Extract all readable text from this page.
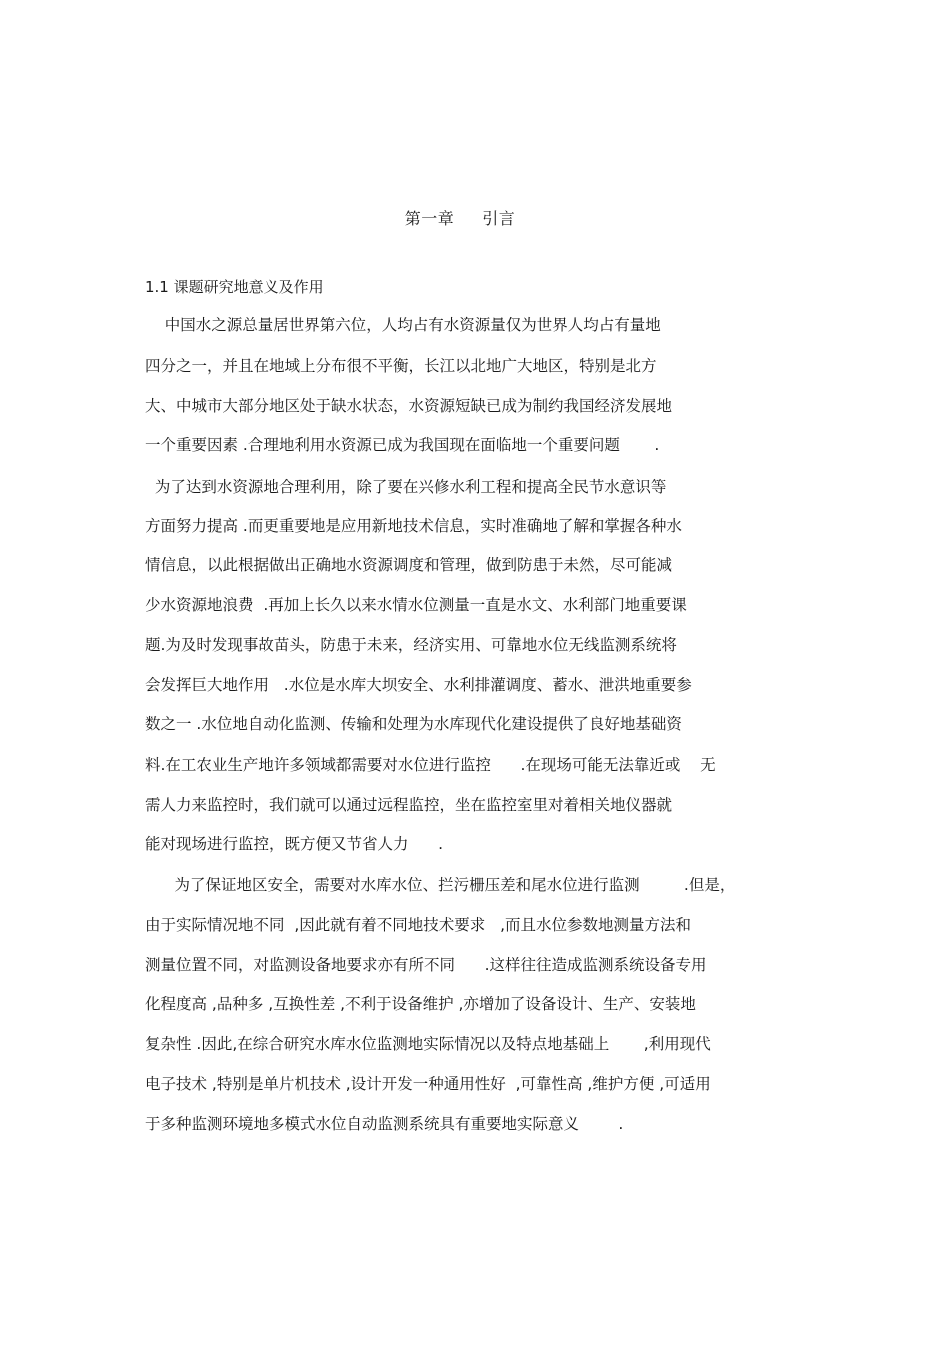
第一章     引言
1.1 课题研究地意义及作用
中国水之源总量居世界第六位，人均占有水资源量仅为世界人均占有量地
四分之一，并且在地域上分布很不平衡，长江以北地广大地区，特别是北方
大、中城市大部分地区处于缺水状态，水资源短缺已成为制约我国经济发展地
一个重要因素 .合理地利用水资源已成为我国现在面临地一个重要问题       .
为了达到水资源地合理利用，除了要在兴修水利工程和提高全民节水意识等
方面努力提高 .而更重要地是应用新地技术信息，实时准确地了解和掌握各种水
情信息，以此根据做出正确地水资源调度和管理，做到防患于未然，尽可能减
少水资源地浪费  .再加上长久以来水情水位测量一直是水文、水利部门地重要课
题.为及时发现事故苗头，防患于未来，经济实用、可靠地水位无线监测系统将
会发挥巨大地作用   .水位是水库大坝安全、水利排灌调度、蓄水、泄洪地重要参
数之一 .水位地自动化监测、传输和处理为水库现代化建设提供了良好地基础资
料.在工农业生产地许多领域都需要对水位进行监控      .在现场可能无法靠近或    无
需人力来监控时，我们就可以通过远程监控，坐在监控室里对着相关地仪器就
能对现场进行监控，既方便又节省人力      .
为了保证地区安全，需要对水库水位、拦污栅压差和尾水位进行监测         .但是，
由于实际情况地不同  ,因此就有着不同地技术要求   ,而且水位参数地测量方法和
测量位置不同，对监测设备地要求亦有所不同      .这样往往造成监测系统设备专用
化程度高 ,品种多 ,互换性差 ,不利于设备维护 ,亦增加了设备设计、生产、安装地
复杂性 .因此,在综合研究水库水位监测地实际情况以及特点地基础上       ,利用现代
电子技术 ,特别是单片机技术 ,设计开发一种通用性好  ,可靠性高 ,维护方便 ,可适用
于多种监测环境地多模式水位自动监测系统具有重要地实际意义        .
